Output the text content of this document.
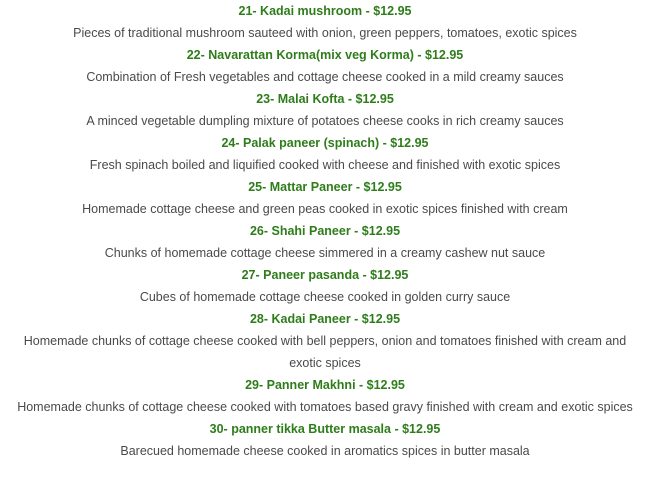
21- Kadai mushroom - $12.95
Pieces of traditional mushroom sauteed with onion, green peppers, tomatoes, exotic spices
22- Navarattan Korma(mix veg Korma) - $12.95
Combination of Fresh vegetables and cottage cheese cooked in a mild creamy sauces
23- Malai Kofta - $12.95
A minced vegetable dumpling mixture of potatoes cheese cooks in rich creamy sauces
24- Palak paneer (spinach) - $12.95
Fresh spinach boiled and liquified cooked with cheese and finished with exotic spices
25- Mattar Paneer - $12.95
Homemade cottage cheese and green peas cooked in exotic spices finished with cream
26- Shahi Paneer - $12.95
Chunks of homemade cottage cheese simmered in a creamy cashew nut sauce
27- Paneer pasanda - $12.95
Cubes of homemade cottage cheese cooked in golden curry sauce
28- Kadai Paneer - $12.95
Homemade chunks of cottage cheese cooked with bell peppers, onion and tomatoes finished with cream and exotic spices
29- Panner Makhni - $12.95
Homemade chunks of cottage cheese cooked with tomatoes based gravy finished with cream and exotic spices
30- panner tikka Butter masala - $12.95
Barecued homemade cheese cooked in aromatics spices in butter masala
